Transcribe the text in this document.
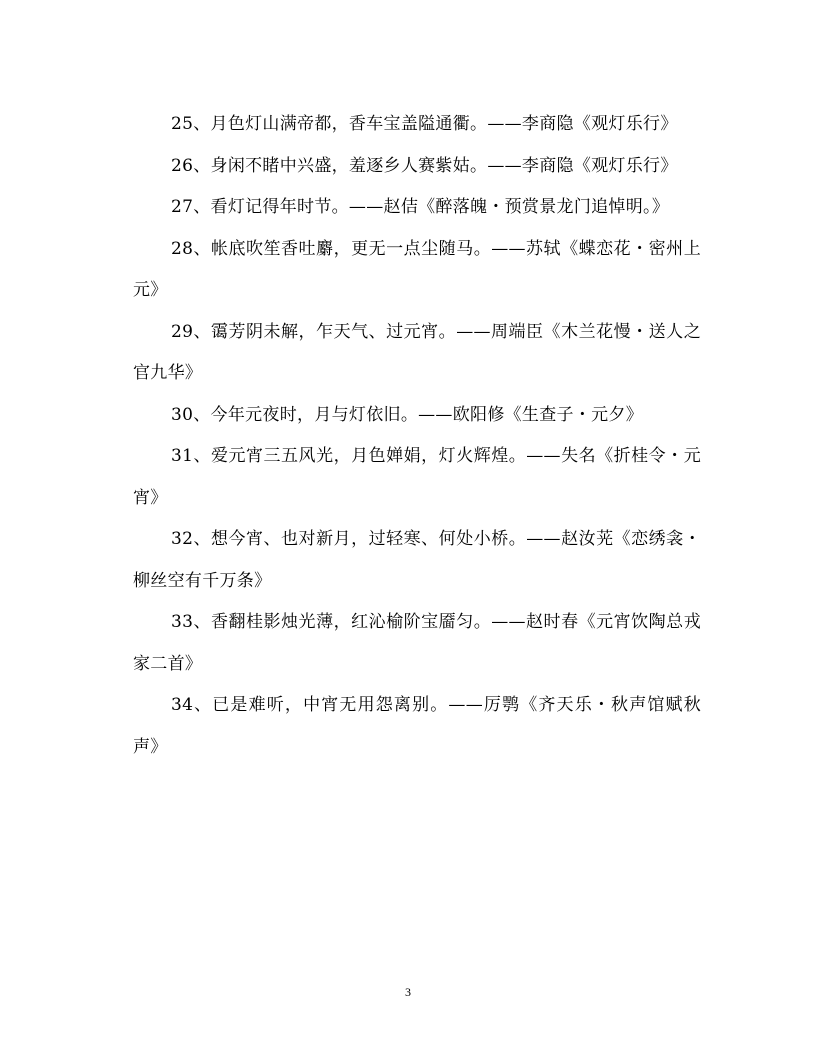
25、月色灯山满帝都，香车宝盖隘通衢。——李商隐《观灯乐行》

26、身闲不睹中兴盛，羞逐乡人赛紫姑。——李商隐《观灯乐行》

27、看灯记得年时节。——赵佶《醉落魄・预赏景龙门追悼明。》

28、帐底吹笙香吐麝，更无一点尘随马。——苏轼《蝶恋花・密州上元》

29、霭芳阴未解，乍天气、过元宵。——周端臣《木兰花慢・送人之官九华》

30、今年元夜时，月与灯依旧。——欧阳修《生查子・元夕》

31、爱元宵三五风光，月色婵娟，灯火辉煌。——失名《折桂令・元宵》

32、想今宵、也对新月，过轻寒、何处小桥。——赵汝茪《恋绣衾・柳丝空有千万条》

33、香翻桂影烛光薄，红沁榆阶宝靥匀。——赵时春《元宵饮陶总戎家二首》

34、已是难听，中宵无用怨离别。——厉鹗《齐天乐・秋声馆赋秋声》

3
